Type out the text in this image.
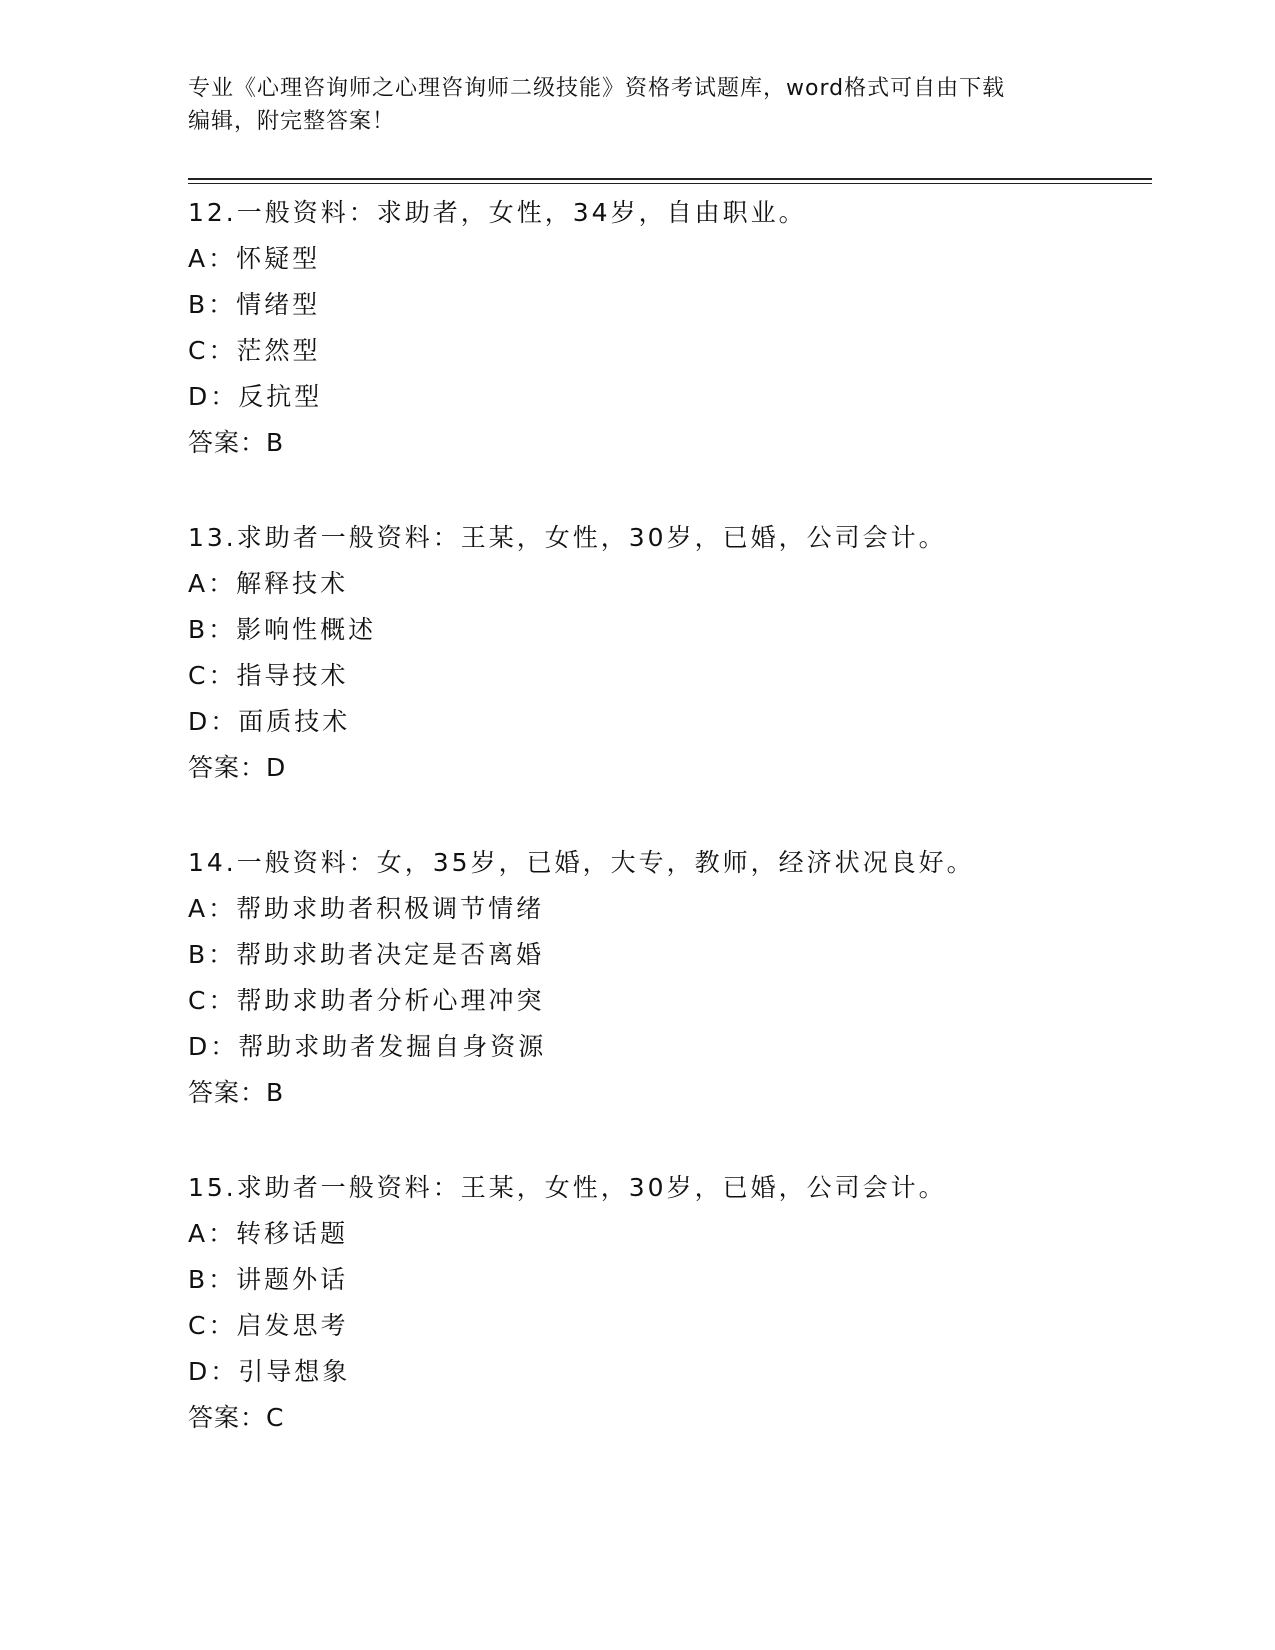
专业《心理咨询师之心理咨询师二级技能》资格考试题库，word格式可自由下载
编辑，附完整答案！
12.一般资料：求助者，女性，34岁，自由职业。
A：怀疑型
B：情绪型
C：茫然型
D：反抗型
答案：B
13.求助者一般资料：王某，女性，30岁，已婚，公司会计。
A：解释技术
B：影响性概述
C：指导技术
D：面质技术
答案：D
14.一般资料：女，35岁，已婚，大专，教师，经济状况良好。
A：帮助求助者积极调节情绪
B：帮助求助者决定是否离婚
C：帮助求助者分析心理冲突
D：帮助求助者发掘自身资源
答案：B
15.求助者一般资料：王某，女性，30岁，已婚，公司会计。
A：转移话题
B：讲题外话
C：启发思考
D：引导想象
答案：C
